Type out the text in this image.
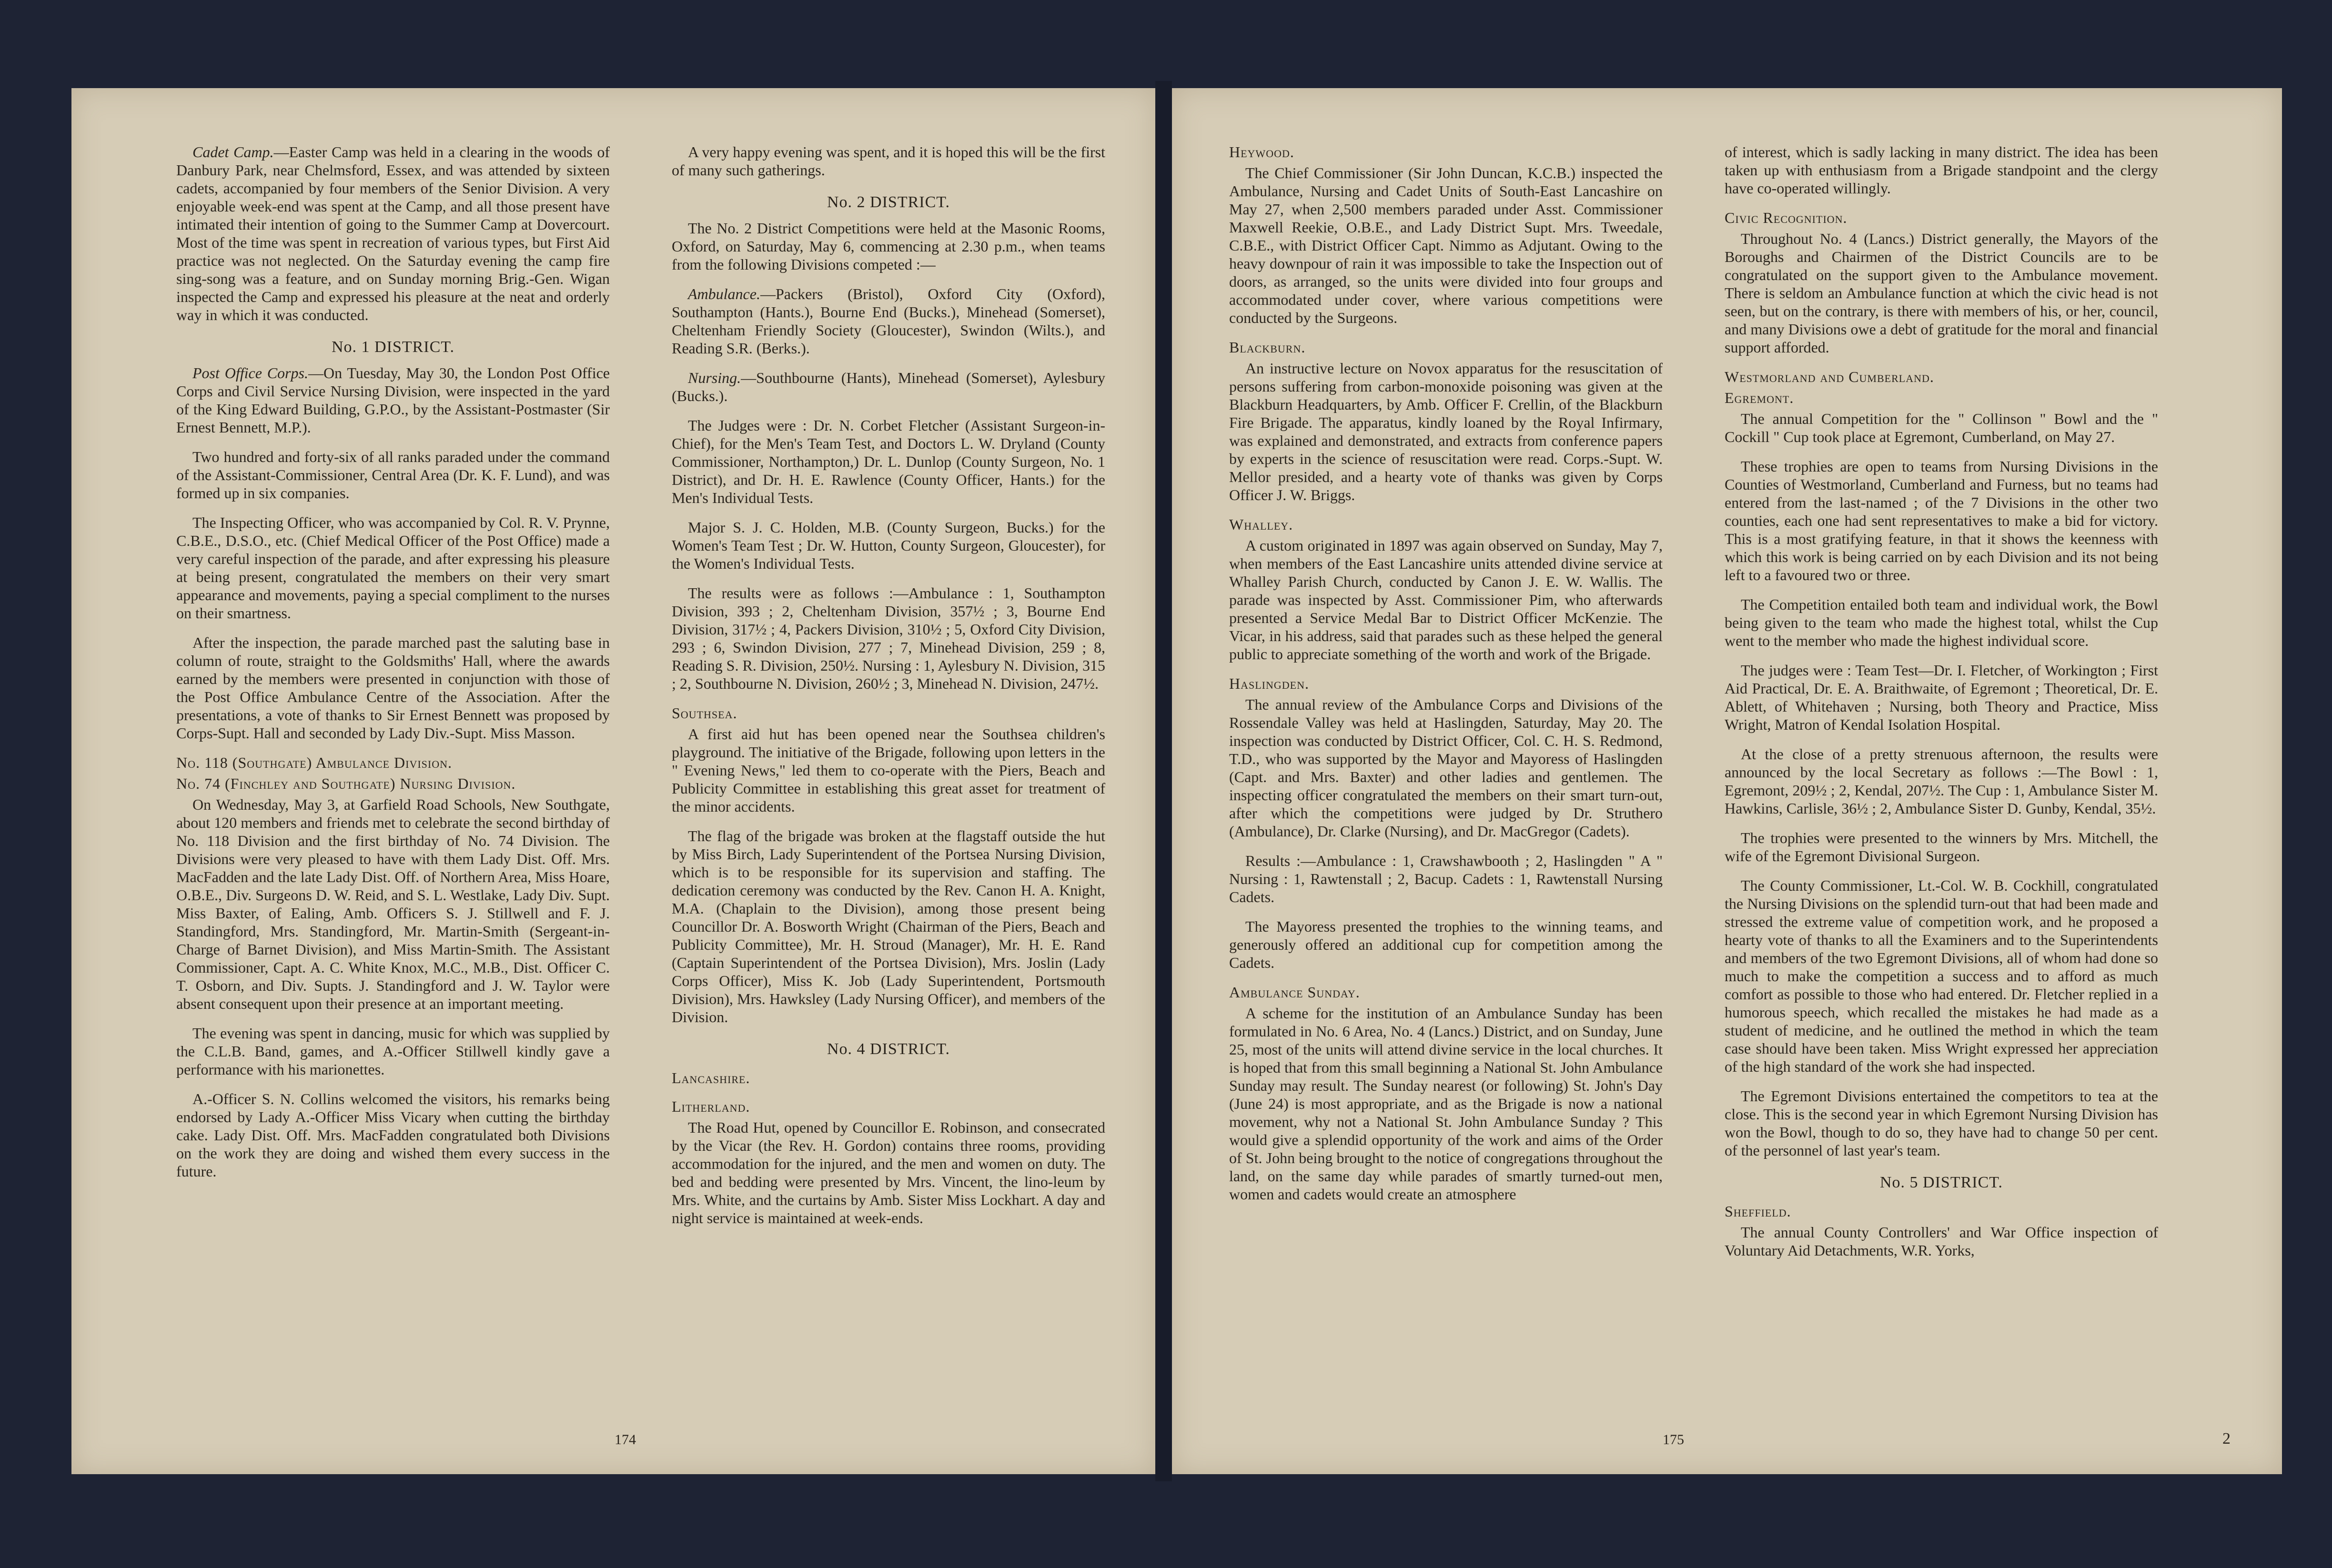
Cadet Camp.—Easter Camp was held in a clearing in the woods of Danbury Park, near Chelmsford, Essex, and was attended by sixteen cadets, accompanied by four members of the Senior Division. A very enjoyable week-end was spent at the Camp, and all those present have intimated their intention of going to the Summer Camp at Dovercourt. Most of the time was spent in recreation of various types, but First Aid practice was not neglected. On the Saturday evening the camp fire sing-song was a feature, and on Sunday morning Brig.-Gen. Wigan inspected the Camp and expressed his pleasure at the neat and orderly way in which it was conducted.

No. 1 DISTRICT.

Post Office Corps.—On Tuesday, May 30, the London Post Office Corps and Civil Service Nursing Division, were inspected in the yard of the King Edward Building, G.P.O., by the Assistant-Postmaster (Sir Ernest Bennett, M.P.).

Two hundred and forty-six of all ranks paraded under the command of the Assistant-Commissioner, Central Area (Dr. K. F. Lund), and was formed up in six companies.

The Inspecting Officer, who was accompanied by Col. R. V. Prynne, C.B.E., D.S.O., etc. (Chief Medical Officer of the Post Office) made a very careful inspection of the parade, and after expressing his pleasure at being present, congratulated the members on their very smart appearance and movements, paying a special compliment to the nurses on their smartness.

After the inspection, the parade marched past the saluting base in column of route, straight to the Goldsmiths' Hall, where the awards earned by the members were presented in conjunction with those of the Post Office Ambulance Centre of the Association. After the presentations, a vote of thanks to Sir Ernest Bennett was proposed by Corps-Supt. Hall and seconded by Lady Div.-Supt. Miss Masson.

No. 118 (Southgate) Ambulance Division.
No. 74 (Finchley and Southgate) Nursing Division.

On Wednesday, May 3, at Garfield Road Schools, New Southgate, about 120 members and friends met to celebrate the second birthday of No. 118 Division and the first birthday of No. 74 Division. The Divisions were very pleased to have with them Lady Dist. Off. Mrs. MacFadden and the late Lady Dist. Off. of Northern Area, Miss Hoare, O.B.E., Div. Surgeons D. W. Reid, and S. L. Westlake, Lady Div. Supt. Miss Baxter, of Ealing, Amb. Officers S. J. Stillwell and F. J. Standingford, Mrs. Standingford, Mr. Martin-Smith (Sergeant-in-Charge of Barnet Division), and Miss Martin-Smith. The Assistant Commissioner, Capt. A. C. White Knox, M.C., M.B., Dist. Officer C. T. Osborn, and Div. Supts. J. Standingford and J. W. Taylor were absent consequent upon their presence at an important meeting.

The evening was spent in dancing, music for which was supplied by the C.L.B. Band, games, and A.-Officer Stillwell kindly gave a performance with his marionettes.

A.-Officer S. N. Collins welcomed the visitors, his remarks being endorsed by Lady A.-Officer Miss Vicary when cutting the birthday cake. Lady Dist. Off. Mrs. MacFadden congratulated both Divisions on the work they are doing and wished them every success in the future.

A very happy evening was spent, and it is hoped this will be the first of many such gatherings.

No. 2 DISTRICT.

The No. 2 District Competitions were held at the Masonic Rooms, Oxford, on Saturday, May 6, commencing at 2.30 p.m., when teams from the following Divisions competed :—

Ambulance.—Packers (Bristol), Oxford City (Oxford), Southampton (Hants.), Bourne End (Bucks.), Minehead (Somerset), Cheltenham Friendly Society (Gloucester), Swindon (Wilts.), and Reading S.R. (Berks.).

Nursing.—Southbourne (Hants), Minehead (Somerset), Aylesbury (Bucks.).

The Judges were : Dr. N. Corbet Fletcher (Assistant Surgeon-in-Chief), for the Men's Team Test, and Doctors L. W. Dryland (County Commissioner, Northampton,) Dr. L. Dunlop (County Surgeon, No. 1 District), and Dr. H. E. Rawlence (County Officer, Hants.) for the Men's Individual Tests.

Major S. J. C. Holden, M.B. (County Surgeon, Bucks.) for the Women's Team Test ; Dr. W. Hutton, County Surgeon, Gloucester), for the Women's Individual Tests.

The results were as follows :—Ambulance : 1, Southampton Division, 393 ; 2, Cheltenham Division, 357½ ; 3, Bourne End Division, 317½ ; 4, Packers Division, 310½ ; 5, Oxford City Division, 293 ; 6, Swindon Division, 277 ; 7, Minehead Division, 259 ; 8, Reading S. R. Division, 250½. Nursing : 1, Aylesbury N. Division, 315 ; 2, Southbourne N. Division, 260½ ; 3, Minehead N. Division, 247½.

Southsea.

A first aid hut has been opened near the Southsea children's playground. The initiative of the Brigade, following upon letters in the " Evening News," led them to co-operate with the Piers, Beach and Publicity Committee in establishing this great asset for treatment of the minor accidents.

The flag of the brigade was broken at the flagstaff outside the hut by Miss Birch, Lady Superintendent of the Portsea Nursing Division, which is to be responsible for its supervision and staffing. The dedication ceremony was conducted by the Rev. Canon H. A. Knight, M.A. (Chaplain to the Division), among those present being Councillor Dr. A. Bosworth Wright (Chairman of the Piers, Beach and Publicity Committee), Mr. H. Stroud (Manager), Mr. H. E. Rand (Captain Superintendent of the Portsea Division), Mrs. Joslin (Lady Corps Officer), Miss K. Job (Lady Superintendent, Portsmouth Division), Mrs. Hawksley (Lady Nursing Officer), and members of the Division.

No. 4 DISTRICT.
Lancashire.
Litherland.

The Road Hut, opened by Councillor E. Robinson, and consecrated by the Vicar (the Rev. H. Gordon) contains three rooms, providing accommodation for the injured, and the men and women on duty. The bed and bedding were presented by Mrs. Vincent, the lino-leum by Mrs. White, and the curtains by Amb. Sister Miss Lockhart. A day and night service is maintained at week-ends.

174
Heywood.

The Chief Commissioner (Sir John Duncan, K.C.B.) inspected the Ambulance, Nursing and Cadet Units of South-East Lancashire on May 27, when 2,500 members paraded under Asst. Commissioner Maxwell Reekie, O.B.E., and Lady District Supt. Mrs. Tweedale, C.B.E., with District Officer Capt. Nimmo as Adjutant. Owing to the heavy downpour of rain it was impossible to take the Inspection out of doors, as arranged, so the units were divided into four groups and accommodated under cover, where various competitions were conducted by the Surgeons.

Blackburn.

An instructive lecture on Novox apparatus for the resuscitation of persons suffering from carbon-monoxide poisoning was given at the Blackburn Headquarters, by Amb. Officer F. Crellin, of the Blackburn Fire Brigade. The apparatus, kindly loaned by the Royal Infirmary, was explained and demonstrated, and extracts from conference papers by experts in the science of resuscitation were read. Corps.-Supt. W. Mellor presided, and a hearty vote of thanks was given by Corps Officer J. W. Briggs.

Whalley.

A custom originated in 1897 was again observed on Sunday, May 7, when members of the East Lancashire units attended divine service at Whalley Parish Church, conducted by Canon J. E. W. Wallis. The parade was inspected by Asst. Commissioner Pim, who afterwards presented a Service Medal Bar to District Officer McKenzie. The Vicar, in his address, said that parades such as these helped the general public to appreciate something of the worth and work of the Brigade.

Haslingden.

The annual review of the Ambulance Corps and Divisions of the Rossendale Valley was held at Haslingden, Saturday, May 20. The inspection was conducted by District Officer, Col. C. H. S. Redmond, T.D., who was supported by the Mayor and Mayoress of Haslingden (Capt. and Mrs. Baxter) and other ladies and gentlemen. The inspecting officer congratulated the members on their smart turn-out, after which the competitions were judged by Dr. Struthero (Ambulance), Dr. Clarke (Nursing), and Dr. MacGregor (Cadets).

Results :—Ambulance : 1, Crawshawbooth ; 2, Haslingden " A " Nursing : 1, Rawtenstall ; 2, Bacup. Cadets : 1, Rawtenstall Nursing Cadets.

The Mayoress presented the trophies to the winning teams, and generously offered an additional cup for competition among the Cadets.

Ambulance Sunday.

A scheme for the institution of an Ambulance Sunday has been formulated in No. 6 Area, No. 4 (Lancs.) District, and on Sunday, June 25, most of the units will attend divine service in the local churches. It is hoped that from this small beginning a National St. John Ambulance Sunday may result. The Sunday nearest (or following) St. John's Day (June 24) is most appropriate, and as the Brigade is now a national movement, why not a National St. John Ambulance Sunday ? This would give a splendid opportunity of the work and aims of the Order of St. John being brought to the notice of congregations throughout the land, on the same day while parades of smartly turned-out men, women and cadets would create an atmosphere

of interest, which is sadly lacking in many district. The idea has been taken up with enthusiasm from a Brigade standpoint and the clergy have co-operated willingly.

Civic Recognition.

Throughout No. 4 (Lancs.) District generally, the Mayors of the Boroughs and Chairmen of the District Councils are to be congratulated on the support given to the Ambulance movement. There is seldom an Ambulance function at which the civic head is not seen, but on the contrary, is there with members of his, or her, council, and many Divisions owe a debt of gratitude for the moral and financial support afforded.

Westmorland and Cumberland.
Egremont.

The annual Competition for the " Collinson " Bowl and the " Cockill " Cup took place at Egremont, Cumberland, on May 27.

These trophies are open to teams from Nursing Divisions in the Counties of Westmorland, Cumberland and Furness, but no teams had entered from the last-named ; of the 7 Divisions in the other two counties, each one had sent representatives to make a bid for victory. This is a most gratifying feature, in that it shows the keenness with which this work is being carried on by each Division and its not being left to a favoured two or three.

The Competition entailed both team and individual work, the Bowl being given to the team who made the highest total, whilst the Cup went to the member who made the highest individual score.

The judges were : Team Test—Dr. I. Fletcher, of Workington ; First Aid Practical, Dr. E. A. Braithwaite, of Egremont ; Theoretical, Dr. E. Ablett, of Whitehaven ; Nursing, both Theory and Practice, Miss Wright, Matron of Kendal Isolation Hospital.

At the close of a pretty strenuous afternoon, the results were announced by the local Secretary as follows :—The Bowl : 1, Egremont, 209½ ; 2, Kendal, 207½. The Cup : 1, Ambulance Sister M. Hawkins, Carlisle, 36½ ; 2, Ambulance Sister D. Gunby, Kendal, 35½.

The trophies were presented to the winners by Mrs. Mitchell, the wife of the Egremont Divisional Surgeon.

The County Commissioner, Lt.-Col. W. B. Cockhill, congratulated the Nursing Divisions on the splendid turn-out that had been made and stressed the extreme value of competition work, and he proposed a hearty vote of thanks to all the Examiners and to the Superintendents and members of the two Egremont Divisions, all of whom had done so much to make the competition a success and to afford as much comfort as possible to those who had entered. Dr. Fletcher replied in a humorous speech, which recalled the mistakes he had made as a student of medicine, and he outlined the method in which the team case should have been taken. Miss Wright expressed her appreciation of the high standard of the work she had inspected.

The Egremont Divisions entertained the competitors to tea at the close. This is the second year in which Egremont Nursing Division has won the Bowl, though to do so, they have had to change 50 per cent. of the personnel of last year's team.

No. 5 DISTRICT.
Sheffield.

The annual County Controllers' and War Office inspection of Voluntary Aid Detachments, W.R. Yorks,

175	2
